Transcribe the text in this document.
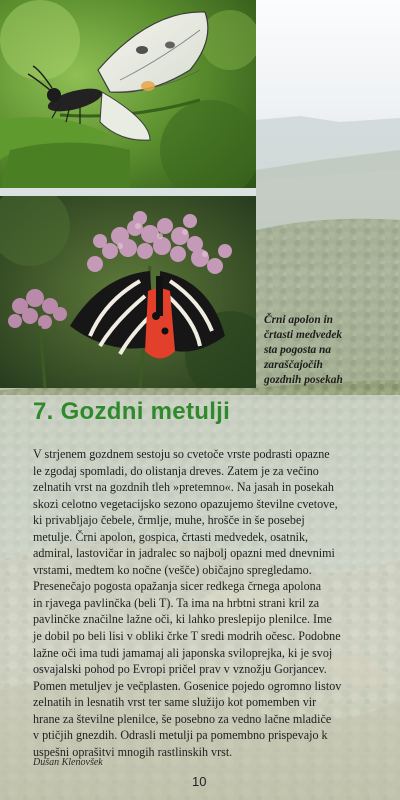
Črni apolon in
črtasti medvedek
sta pogosta na
zaraščajočih
gozdnih posekah
7. Gozdni metulji
V strjenem gozdnem sestoju so cvetoče vrste podrasti opazne
le zgodaj spomladi, do olistanja dreves. Zatem je za večino
zelnatih vrst na gozdnih tleh »pretemno«. Na jasah in posekah
skozi celotno vegetacijsko sezono opazujemo številne cvetove,
ki privabljajo čebele, črmlje, muhe, hrošče in še posebej
metulje. Črni apolon, gospica, črtasti medvedek, osatnik,
admiral, lastovičar in jadralec so najbolj opazni med dnevnimi
vrstami, medtem ko nočne (vešče) običajno spregledamo.
Presenečajo pogosta opažanja sicer redkega črnega apolona
in rjavega pavlinčka (beli T). Ta ima na hrbtni strani kril za
pavlinčke značilne lažne oči, ki lahko preslepijo plenilce. Ime
je dobil po beli lisi v obliki črke T sredi modrih očesc. Podobne
lažne oči ima tudi jamamaj ali japonska sviloprejka, ki je svoj
osvajalski pohod po Evropi pričel prav v vznožju Gorjancev.
Pomen metuljev je večplasten. Gosenice pojedo ogromno listov
zelnatih in lesnatih vrst ter same služijo kot pomemben vir
hrane za številne plenilce, še posebno za vedno lačne mladiče
v ptičjih gnezdih. Odrasli metulji pa pomembno prispevajo k
uspešni oprašitvi mnogih rastlinskih vrst.
Dušan Klenovšek
10
